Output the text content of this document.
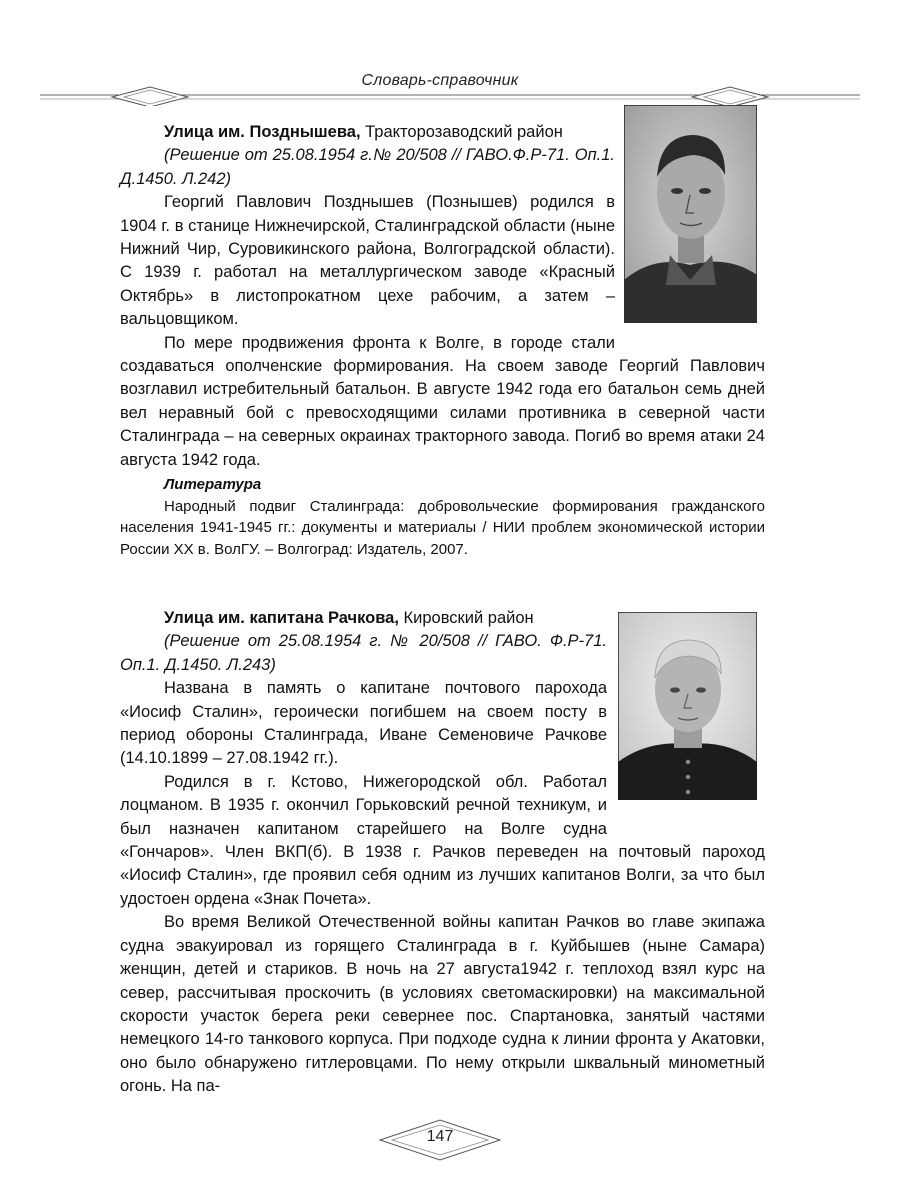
Словарь-справочник

Улица им. Позднышева, Тракторозаводский район

(Решение от 25.08.1954 г.№ 20/508 // ГАВО.Ф.Р-71. Оп.1. Д.1450. Л.242)

Георгий Павлович Позднышев (Познышев) родился в 1904 г. в станице Нижнечирской, Сталинградской области (ныне Нижний Чир, Суровикинского района, Волгоградской области). С 1939 г. работал на металлургическом заводе «Красный Октябрь» в листопрокатном цехе рабочим, а затем – вальцовщиком.

По мере продвижения фронта к Волге, в городе стали создаваться ополченские формирования. На своем заводе Георгий Павлович возглавил истребительный батальон. В августе 1942 года его батальон семь дней вел неравный бой с превосходящими силами противника в северной части Сталинграда – на северных окраинах тракторного завода. Погиб во время атаки 24 августа 1942 года.

Литература

Народный подвиг Сталинграда: добровольческие формирования гражданского населения 1941-1945 гг.: документы и материалы / НИИ проблем экономической истории России XX в. ВолГУ. – Волгоград: Издатель, 2007.

Улица им. капитана Рачкова, Кировский район

(Решение от 25.08.1954 г. № 20/508 // ГАВО. Ф.Р-71. Оп.1. Д.1450. Л.243)

Названа в память о капитане почтового парохода «Иосиф Сталин», героически погибшем на своем посту в период обороны Сталинграда, Иване Семеновиче Рачкове (14.10.1899 – 27.08.1942 гг.).

Родился в г. Кстово, Нижегородской обл. Работал лоцманом. В 1935 г. окончил Горьковский речной техникум, и был назначен капитаном старейшего на Волге судна «Гончаров». Член ВКП(б). В 1938 г. Рачков переведен на почтовый пароход «Иосиф Сталин», где проявил себя одним из лучших капитанов Волги, за что был удостоен ордена «Знак Почета».

Во время Великой Отечественной войны капитан Рачков во главе экипажа судна эвакуировал из горящего Сталинграда в г. Куйбышев (ныне Самара) женщин, детей и стариков. В ночь на 27 августа1942 г. теплоход взял курс на север, рассчитывая проскочить (в условиях светомаскировки) на максимальной скорости участок берега реки севернее пос. Спартановка, занятый частями немецкого 14-го танкового корпуса. При подходе судна к линии фронта у Акатовки, оно было обнаружено гитлеровцами. По нему открыли шквальный минометный огонь. На па-

147
